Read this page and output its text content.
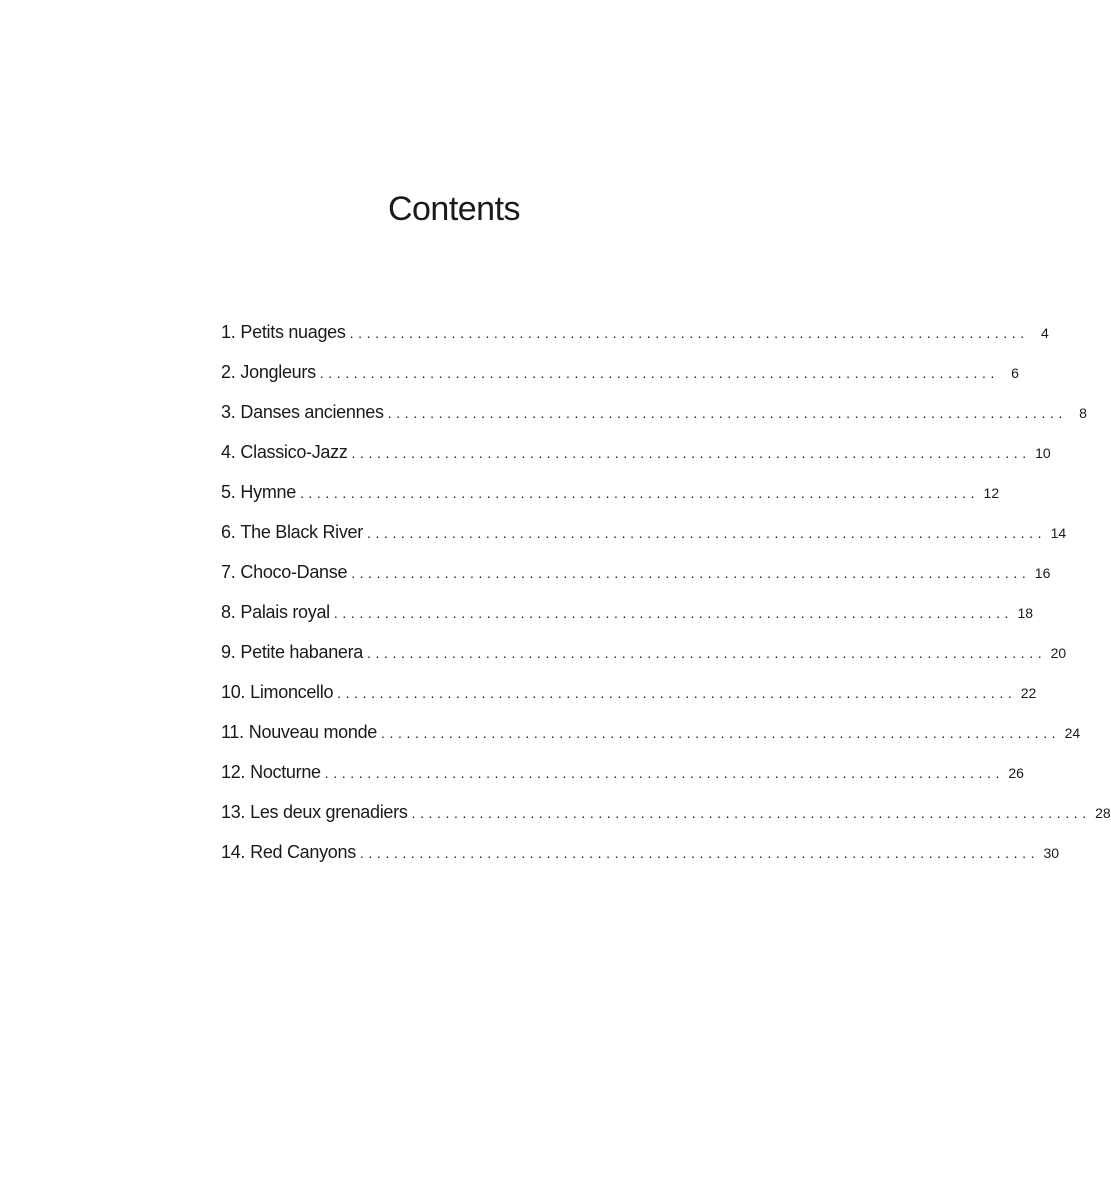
Contents
1. Petits nuages ................................................................................ 4
2. Jongleurs ................................................................................ 6
3. Danses anciennes ................................................................................ 8
4. Classico-Jazz ................................................................................ 10
5. Hymne ................................................................................ 12
6. The Black River ................................................................................ 14
7. Choco-Danse ................................................................................ 16
8. Palais royal ................................................................................ 18
9. Petite habanera ................................................................................ 20
10. Limoncello ................................................................................ 22
11. Nouveau monde ................................................................................ 24
12. Nocturne ................................................................................ 26
13. Les deux grenadiers ................................................................................ 28
14. Red Canyons ................................................................................ 30
